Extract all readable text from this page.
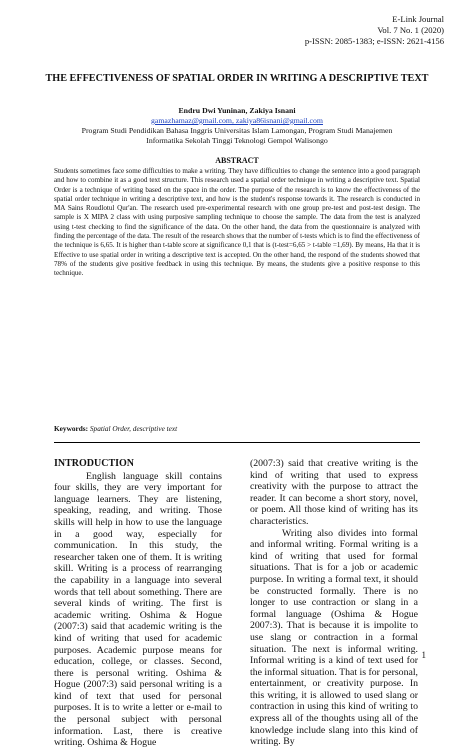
E-Link Journal
Vol. 7 No. 1 (2020)
p-ISSN: 2085-1383; e-ISSN: 2621-4156
THE EFFECTIVENESS OF SPATIAL ORDER IN WRITING A DESCRIPTIVE TEXT
Endru Dwi Yuninan, Zakiya Isnani
gamazhamaz@gmail.com, zakiya86isnani@gmail.com
Program Studi Pendidikan Bahasa Inggris Universitas Islam Lamongan, Program Studi Manajemen
Informatika Sekolah Tinggi Teknologi Gempol Walisongo
ABSTRACT
Students sometimes face some difficulties to make a writing. They have difficulties to change the sentence into a good paragraph and how to combine it as a good text structure. This research used a spatial order technique in writing a descriptive text. Spatial Order is a technique of writing based on the space in the order. The purpose of the research is to know the effectiveness of the spatial order technique in writing a descriptive text, and how is the student's response towards it. The research is conducted in MA Sains Roudlotul Qur'an. The research used pre-experimental research with one group pre-test and post-test design. The sample is X MIPA 2 class with using purposive sampling technique to choose the sample. The data from the test is analyzed using t-test checking to find the significance of the data. On the other hand, the data from the questionnaire is analyzed with finding the percentage of the data. The result of the research shows that the number of t-tests which is to find the effectiveness of the technique is 6,65. It is higher than t-table score at significance 0,1 that is (t-test=6,65 > t-table =1,69). By means, Ha that it is Effective to use spatial order in writing a descriptive text is accepted. On the other hand, the respond of the students showed that 78% of the students give positive feedback in using this technique. By means, the students give a positive response to this technique.
Keywords: Spatial Order, descriptive text
INTRODUCTION

English language skill contains four skills, they are very important for language learners. They are listening, speaking, reading, and writing. Those skills will help in how to use the language in a good way, especially for communication. In this study, the researcher taken one of them. It is writing skill. Writing is a process of rearranging the capability in a language into several words that tell about something. There are several kinds of writing. The first is academic writing. Oshima & Hogue (2007:3) said that academic writing is the kind of writing that used for academic purposes. Academic purpose means for education, college, or classes. Second, there is personal writing. Oshima & Hogue (2007:3) said personal writing is a kind of text that used for personal purposes. It is to write a letter or e-mail to the personal subject with personal information. Last, there is creative writing. Oshima & Hogue

(2007:3) said that creative writing is the kind of writing that used to express creativity with the purpose to attract the reader. It can become a short story, novel, or poem. All those kind of writing has its characteristics.

Writing also divides into formal and informal writing. Formal writing is a kind of writing that used for formal situations. That is for a job or academic purpose. In writing a formal text, it should be constructed formally. There is no longer to use contraction or slang in a formal language (Oshima & Hogue 2007:3). That is because it is impolite to use slang or contraction in a formal situation. The next is informal writing. Informal writing is a kind of text used for the informal situation. That is for personal, entertainment, or creativity purpose. In this writing, it is allowed to used slang or contraction in using this kind of writing to express all of the thoughts using all of the knowledge include slang into this kind of writing. By

1
